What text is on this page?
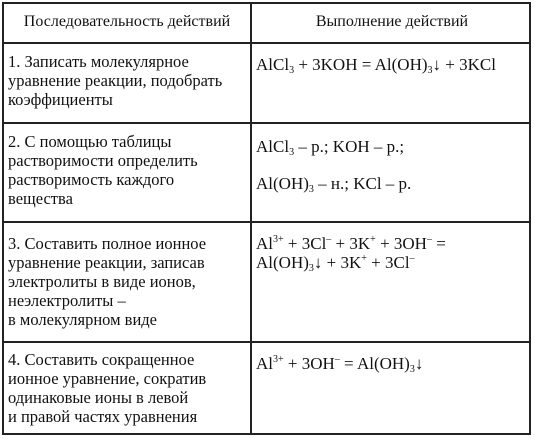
Последовательность действий	Выполнение действий
1. Записать молекулярное
уравнение реакции, подобрать
коэффициенты
AlCl$_3$ + $3KOH = Al(OH)_3↓ + 3KCl$
2. С помощью таблицы
растворимости определить
растворимость каждого
вещества
AlCl$_3$ – р.; KOH – р.;
$Al(OH)_3$ – н.; KCl – р.
3. Составить полное ионное
уравнение реакции, записав
электролиты в виде ионов,
неэлектролиты –
в молекулярном виде
$Al^{3+} + 3Cl^- + 3K^+ + 3OH^-$ =
$Al(OH)_3↓ + 3K^+ + 3Cl^-$
4. Составить сокращенное
ионное уравнение, сократив
одинаковые ионы в левой
и правой частях уравнения
$Al^{3+} + 3OH^-$ = $Al(OH)_3↓$
